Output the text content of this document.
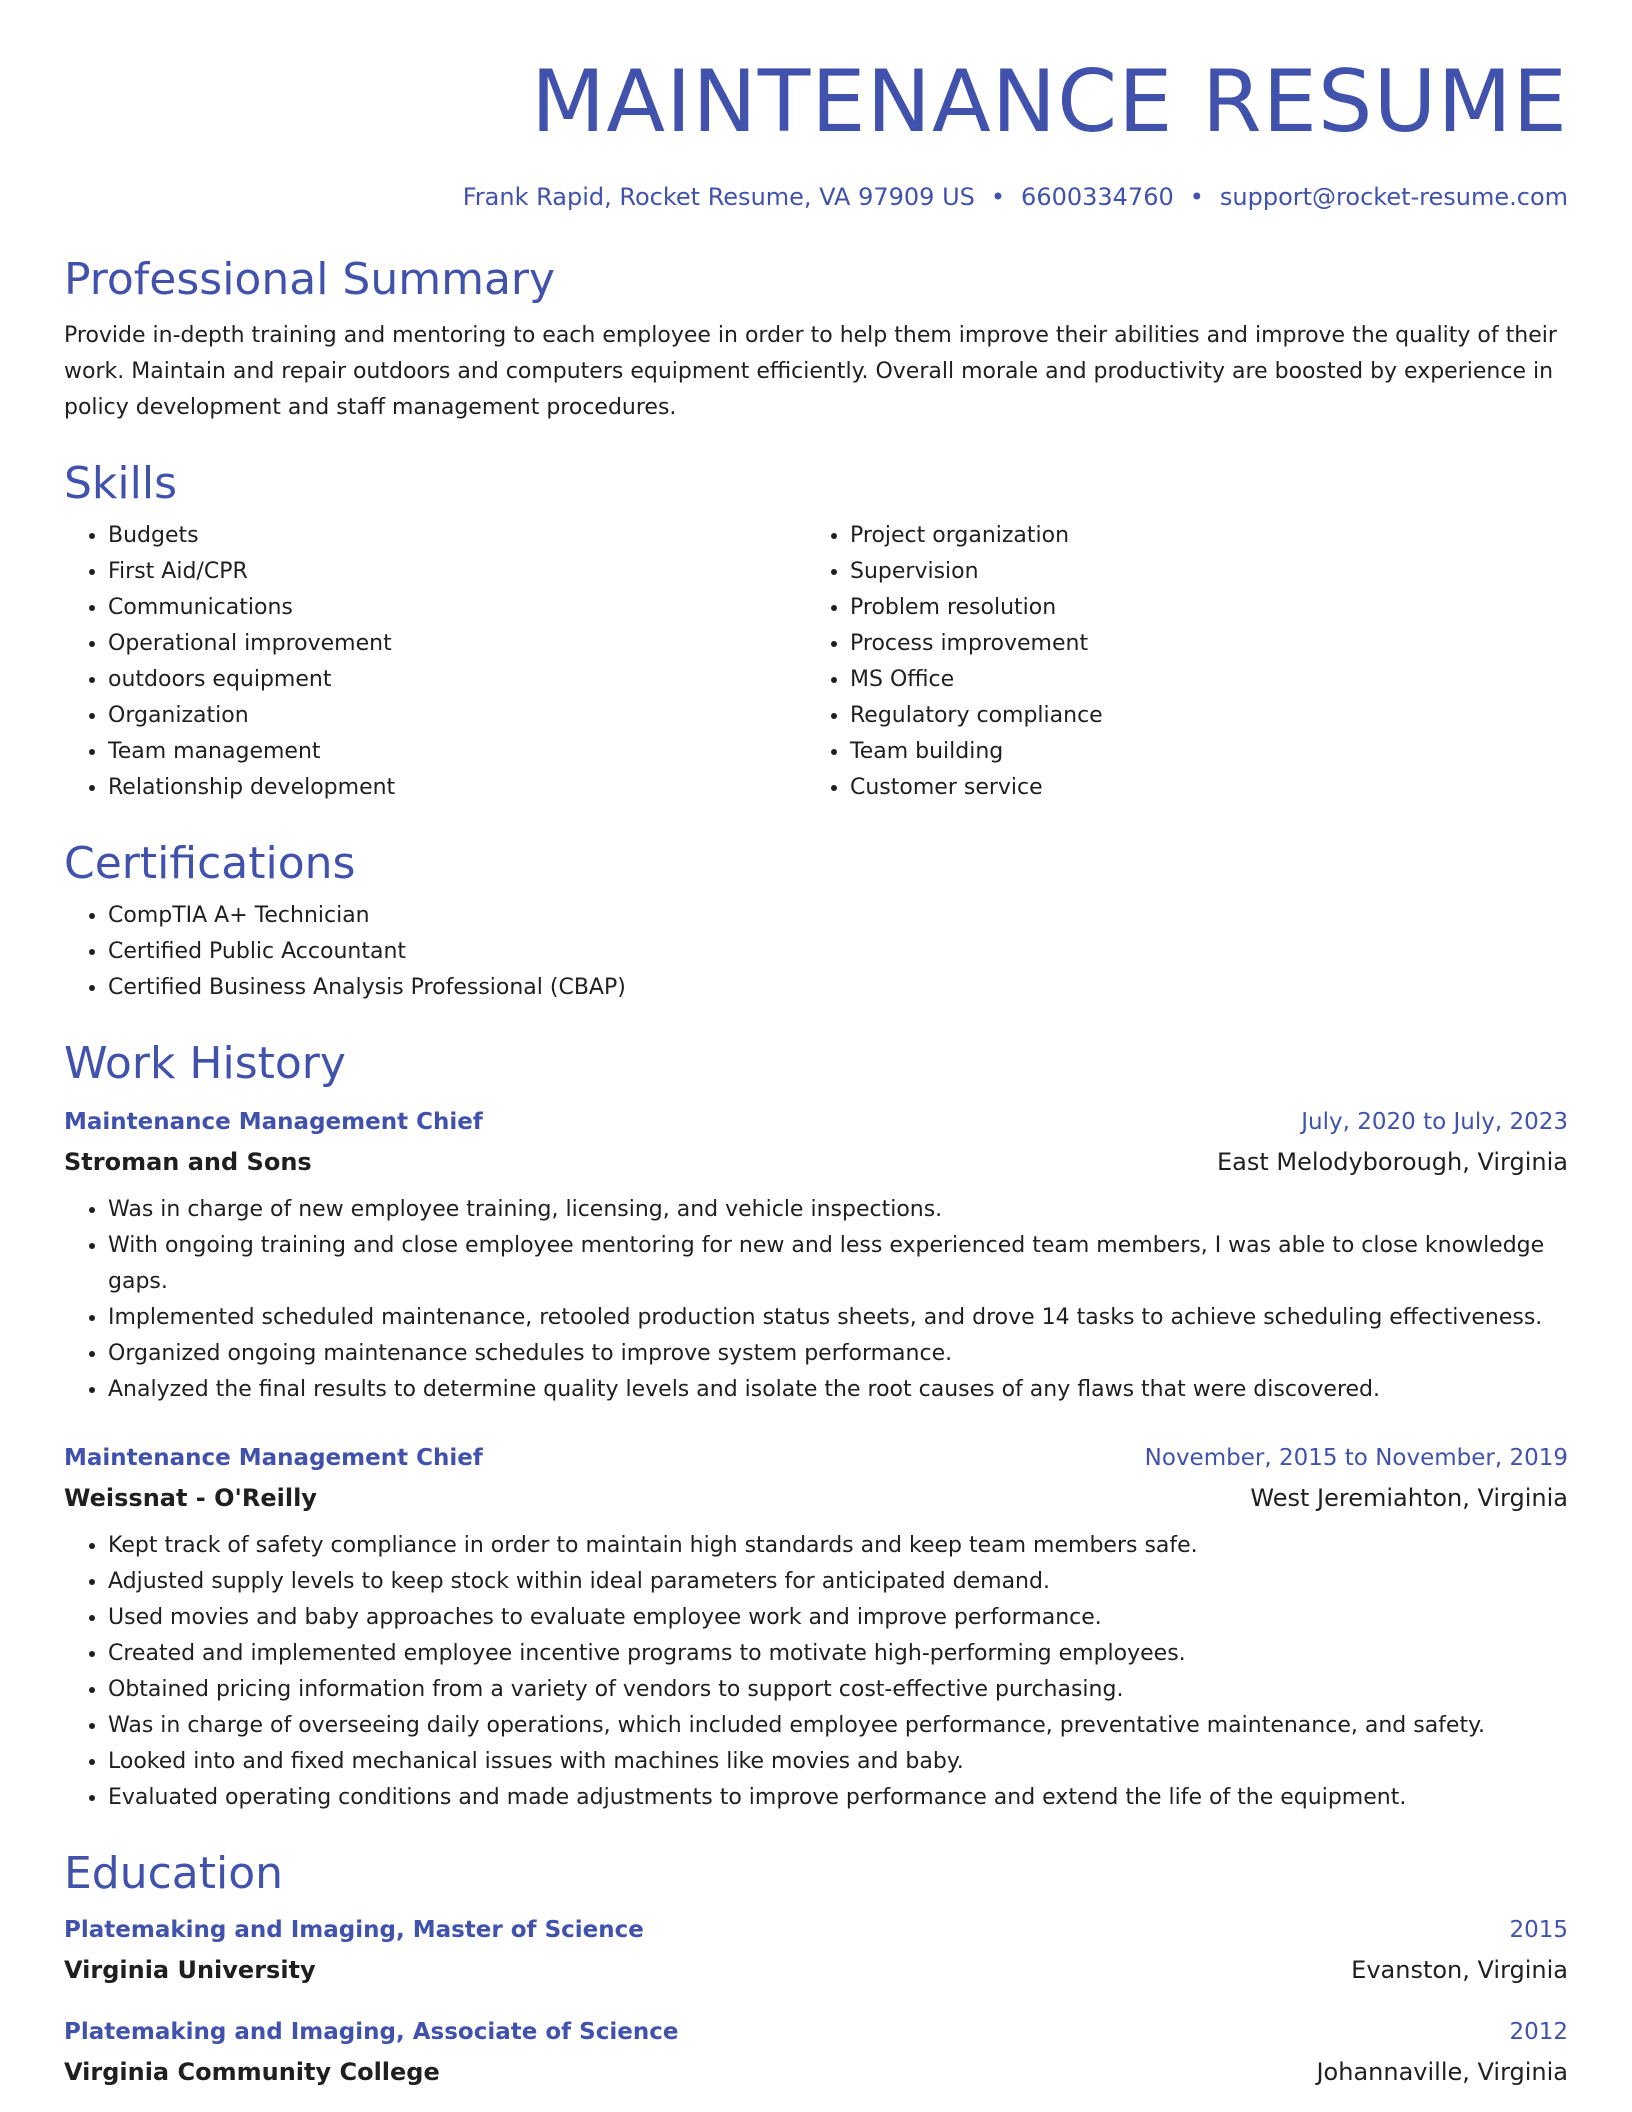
MAINTENANCE RESUME
Frank Rapid, Rocket Resume, VA 97909 US • 6600334760 • support@rocket-resume.com
Professional Summary

Provide in-depth training and mentoring to each employee in order to help them improve their abilities and improve the quality of their work. Maintain and repair outdoors and computers equipment efficiently. Overall morale and productivity are boosted by experience in policy development and staff management procedures.

Skills
• Budgets
• First Aid/CPR
• Communications
• Operational improvement
• outdoors equipment
• Organization
• Team management
• Relationship development
• Project organization
• Supervision
• Problem resolution
• Process improvement
• MS Office
• Regulatory compliance
• Team building
• Customer service
Certifications
• CompTIA A+ Technician
• Certified Public Accountant
• Certified Business Analysis Professional (CBAP)
Work History
Maintenance Management Chief	July, 2020 to July, 2023
Stroman and Sons	East Melodyborough, Virginia
• Was in charge of new employee training, licensing, and vehicle inspections.
• With ongoing training and close employee mentoring for new and less experienced team members, I was able to close knowledge gaps.
• Implemented scheduled maintenance, retooled production status sheets, and drove 14 tasks to achieve scheduling effectiveness.
• Organized ongoing maintenance schedules to improve system performance.
• Analyzed the final results to determine quality levels and isolate the root causes of any flaws that were discovered.
Maintenance Management Chief	November, 2015 to November, 2019
Weissnat - O'Reilly	West Jeremiahton, Virginia
• Kept track of safety compliance in order to maintain high standards and keep team members safe.
• Adjusted supply levels to keep stock within ideal parameters for anticipated demand.
• Used movies and baby approaches to evaluate employee work and improve performance.
• Created and implemented employee incentive programs to motivate high-performing employees.
• Obtained pricing information from a variety of vendors to support cost-effective purchasing.
• Was in charge of overseeing daily operations, which included employee performance, preventative maintenance, and safety.
• Looked into and fixed mechanical issues with machines like movies and baby.
• Evaluated operating conditions and made adjustments to improve performance and extend the life of the equipment.
Education
Platemaking and Imaging, Master of Science	2015
Virginia University	Evanston, Virginia
Platemaking and Imaging, Associate of Science	2012
Virginia Community College	Johannaville, Virginia
